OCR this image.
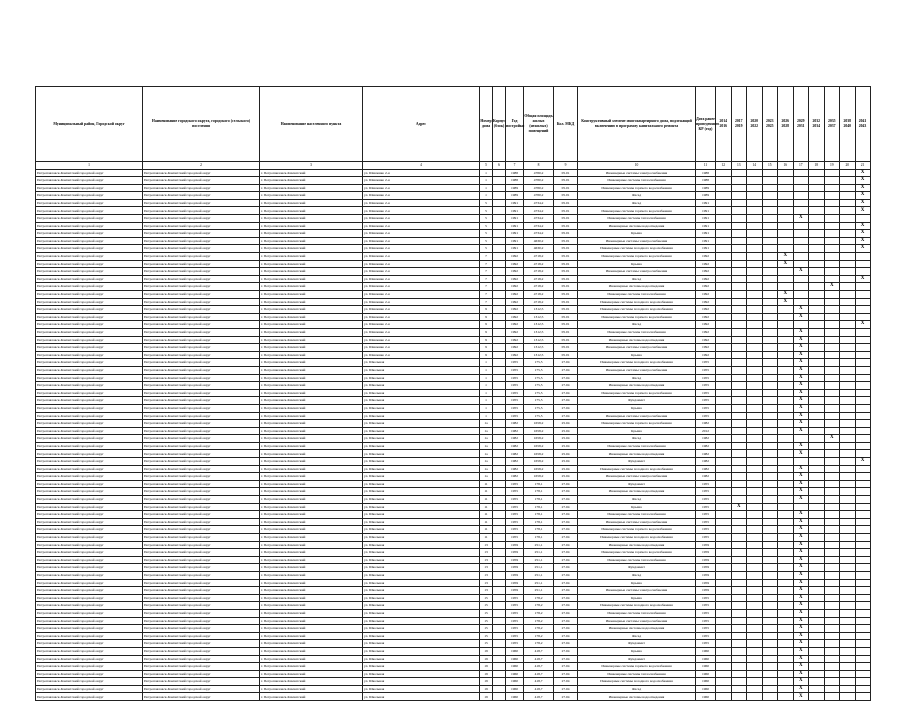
Муниципальный район, Городской округ	Наименование городского округа, городского (сельского) поселения	Наименование населенного пункта	Адрес	Номер дома	Корпус (блок)	Год постройки	Общая площадь жилых (нежилых) помещений	Кол. МКД	Конструктивный элемент многоквартирного дома, подлежащий включению в программу капитального ремонта	Дата ранее проведенного КР (год)	2014 2016	2017 2019	2020 2022	2023 2025	2026 2028	2029 2031	2032 2034	2035 2037	2038 2040	2041 2043
1	2	3	4	5	6	7	8	9	10	11	12	13	14	15	16	17	18	19	20	21
Петропавловск-Камчатский городской округ	Петропавловск-Камчатский городской округ	г. Петропавловск-Камчатский	ул. Шевченко 2-я	1		1988	4780,2	05.01	Инженерные системы электроснабжения	1988										X
Петропавловск-Камчатский городской округ	Петропавловск-Камчатский городской округ	г. Петропавловск-Камчатский	ул. Шевченко 2-я	1		1988	4780,2	05.01	Инженерные системы теплоснабжения	1988										X
Петропавловск-Камчатский городской округ	Петропавловск-Камчатский городской округ	г. Петропавловск-Камчатский	ул. Шевченко 2-я	1		1989	4780,2	05.01	Инженерные системы горячего водоснабжения	1989										X
Петропавловск-Камчатский городской округ	Петропавловск-Камчатский городской округ	г. Петропавловск-Камчатский	ул. Шевченко 2-я	1		1989	4780,2	05.01	Фасад	1989										X
Петропавловск-Камчатский городской округ	Петропавловск-Камчатский городской округ	г. Петропавловск-Камчатский	ул. Шевченко 2-я	5		1991	4734,2	05.01	Фасад	1991										X
Петропавловск-Камчатский городской округ	Петропавловск-Камчатский городской округ	г. Петропавловск-Камчатский	ул. Шевченко 2-я	5		1991	4734,2	05.01	Инженерные системы горячего водоснабжения	1991										X
Петропавловск-Камчатский городской округ	Петропавловск-Камчатский городской округ	г. Петропавловск-Камчатский	ул. Шевченко 2-я	5		1991	4734,2	05.01	Инженерные системы теплоснабжения	1991						X				
Петропавловск-Камчатский городской округ	Петропавловск-Камчатский городской округ	г. Петропавловск-Камчатский	ул. Шевченко 2-я	5		1991	4734,2	05.01	Инженерные системы водоотведения	1991										X
Петропавловск-Камчатский городской округ	Петропавловск-Камчатский городской округ	г. Петропавловск-Камчатский	ул. Шевченко 2-я	5		1991	4734,2	05.01	Крыша	1991										X
Петропавловск-Камчатский городской округ	Петропавловск-Камчатский городской округ	г. Петропавловск-Камчатский	ул. Шевченко 2-я	5		1991	4630,2	05.01	Инженерные системы электроснабжения	1991										X
Петропавловск-Камчатский городской округ	Петропавловск-Камчатский городской округ	г. Петропавловск-Камчатский	ул. Шевченко 2-я	5		1991	4630,2	05.01	Инженерные системы холодного водоснабжения	1991										X
Петропавловск-Камчатский городской округ	Петропавловск-Камчатский городской округ	г. Петропавловск-Камчатский	ул. Шевченко 2-я	7		1992	4718,2	05.01	Инженерные системы горячего водоснабжения	1992					X					
Петропавловск-Камчатский городской округ	Петропавловск-Камчатский городской округ	г. Петропавловск-Камчатский	ул. Шевченко 2-я	7		1992	4718,2	05.01	Крыша	1992					X					
Петропавловск-Камчатский городской округ	Петропавловск-Камчатский городской округ	г. Петропавловск-Камчатский	ул. Шевченко 2-я	7		1992	4718,2	05.01	Инженерные системы электроснабжения	1992						X				
Петропавловск-Камчатский городской округ	Петропавловск-Камчатский городской округ	г. Петропавловск-Камчатский	ул. Шевченко 2-я	7		1992	4718,2	05.01	Фасад	1992										X
Петропавловск-Камчатский городской округ	Петропавловск-Камчатский городской округ	г. Петропавловск-Камчатский	ул. Шевченко 2-я	7		1992	4718,2	05.01	Инженерные системы водоотведения	1992								X		
Петропавловск-Камчатский городской округ	Петропавловск-Камчатский городской округ	г. Петропавловск-Камчатский	ул. Шевченко 2-я	7		1992	4718,2	05.01	Инженерные системы теплоснабжения	1992					X					
Петропавловск-Камчатский городской округ	Петропавловск-Камчатский городской округ	г. Петропавловск-Камчатский	ул. Шевченко 2-я	7		1992	4718,2	05.01	Инженерные системы холодного водоснабжения	1992					X					
Петропавловск-Камчатский городской округ	Петропавловск-Камчатский городской округ	г. Петропавловск-Камчатский	ул. Шевченко 2-я	9		1992	1312,5	05.01	Инженерные системы холодного водоснабжения	1992						X				
Петропавловск-Камчатский городской округ	Петропавловск-Камчатский городской округ	г. Петропавловск-Камчатский	ул. Шевченко 2-я	9		1992	1312,5	05.01	Инженерные системы горячего водоснабжения	1992						X				
Петропавловск-Камчатский городской округ	Петропавловск-Камчатский городской округ	г. Петропавловск-Камчатский	ул. Шевченко 2-я	9		1992	1312,5	05.01	Фасад	1992										X
Петропавловск-Камчатский городской округ	Петропавловск-Камчатский городской округ	г. Петропавловск-Камчатский	ул. Шевченко 2-я	9		1992	1312,5	05.01	Инженерные системы теплоснабжения	1992						X				
Петропавловск-Камчатский городской округ	Петропавловск-Камчатский городской округ	г. Петропавловск-Камчатский	ул. Шевченко 2-я	9		1992	1312,5	05.01	Инженерные системы водоотведения	1992						X				
Петропавловск-Камчатский городской округ	Петропавловск-Камчатский городской округ	г. Петропавловск-Камчатский	ул. Шевченко 2-я	9		1992	1312,5	05.01	Инженерные системы электроснабжения	1992						X				
Петропавловск-Камчатский городской округ	Петропавловск-Камчатский городской округ	г. Петропавловск-Камчатский	ул. Шевченко 2-я	9		1992	1312,5	05.01	Крыша	1992						X				
Петропавловск-Камчатский городской округ	Петропавловск-Камчатский городской округ	г. Петропавловск-Камчатский	ул. Школьная	1		1955	175,5	27.04	Инженерные системы холодного водоснабжения	1955						X				
Петропавловск-Камчатский городской округ	Петропавловск-Камчатский городской округ	г. Петропавловск-Камчатский	ул. Школьная	1		1955	175,5	27.04	Инженерные системы электроснабжения	1955						X				
Петропавловск-Камчатский городской округ	Петропавловск-Камчатский городской округ	г. Петропавловск-Камчатский	ул. Школьная	1		1955	175,5	27.04	Фасад	1955						X				
Петропавловск-Камчатский городской округ	Петропавловск-Камчатский городской округ	г. Петропавловск-Камчатский	ул. Школьная	1		1955	175,5	27.04	Инженерные системы водоотведения	1955						X				
Петропавловск-Камчатский городской округ	Петропавловск-Камчатский городской округ	г. Петропавловск-Камчатский	ул. Школьная	1		1955	175,5	27.04	Инженерные системы горячего водоснабжения	1955						X				
Петропавловск-Камчатский городской округ	Петропавловск-Камчатский городской округ	г. Петропавловск-Камчатский	ул. Школьная	1		1955	175,5	27.04	Фундамент	1955						X				
Петропавловск-Камчатский городской округ	Петропавловск-Камчатский городской округ	г. Петропавловск-Камчатский	ул. Школьная	1		1955	175,5	27.04	Крыша	1955						X				
Петропавловск-Камчатский городской округ	Петропавловск-Камчатский городской округ	г. Петропавловск-Камчатский	ул. Школьная	1		1955	175,5	27.04	Инженерные системы электроснабжения	1955						X				
Петропавловск-Камчатский городской округ	Петропавловск-Камчатский городской округ	г. Петропавловск-Камчатский	ул. Школьная	1а		1982	1658,2	25.04	Инженерные системы горячего водоснабжения	1982						X				
Петропавловск-Камчатский городской округ	Петропавловск-Камчатский городской округ	г. Петропавловск-Камчатский	ул. Школьная	1а		1982	1658,2	25.04	Крыша	2012						X				
Петропавловск-Камчатский городской округ	Петропавловск-Камчатский городской округ	г. Петропавловск-Камчатский	ул. Школьная	1а		1982	1658,2	25.04	Фасад	1982								X		
Петропавловск-Камчатский городской округ	Петропавловск-Камчатский городской округ	г. Петропавловск-Камчатский	ул. Школьная	1а		1982	1658,2	25.04	Инженерные системы теплоснабжения	1982						X				
Петропавловск-Камчатский городской округ	Петропавловск-Камчатский городской округ	г. Петропавловск-Камчатский	ул. Школьная	1а		1982	1658,2	25.04	Инженерные системы водоотведения	1982						X				
Петропавловск-Камчатский городской округ	Петропавловск-Камчатский городской округ	г. Петропавловск-Камчатский	ул. Школьная	1а		1982	1658,2	25.04	Фундамент	1982										X
Петропавловск-Камчатский городской округ	Петропавловск-Камчатский городской округ	г. Петропавловск-Камчатский	ул. Школьная	1а		1982	1658,2	25.04	Инженерные системы холодного водоснабжения	1982						X				
Петропавловск-Камчатский городской округ	Петропавловск-Камчатский городской округ	г. Петропавловск-Камчатский	ул. Школьная	1а		1982	1658,2	25.04	Инженерные системы электроснабжения	1982						X				
Петропавловск-Камчатский городской округ	Петропавловск-Камчатский городской округ	г. Петропавловск-Камчатский	ул. Школьная	11		1955	178,1	27.04	Фундамент	1955						X				
Петропавловск-Камчатский городской округ	Петропавловск-Камчатский городской округ	г. Петропавловск-Камчатский	ул. Школьная	11		1955	178,1	27.04	Инженерные системы водоотведения	1955						X				
Петропавловск-Камчатский городской округ	Петропавловск-Камчатский городской округ	г. Петропавловск-Камчатский	ул. Школьная	11		1955	178,1	27.04	Фасад	1955						X				
Петропавловск-Камчатский городской округ	Петропавловск-Камчатский городской округ	г. Петропавловск-Камчатский	ул. Школьная	11		1955	178,1	27.04	Крыша	1955		X								
Петропавловск-Камчатский городской округ	Петропавловск-Камчатский городской округ	г. Петропавловск-Камчатский	ул. Школьная	11		1955	178,1	27.04	Инженерные системы теплоснабжения	1955						X				
Петропавловск-Камчатский городской округ	Петропавловск-Камчатский городской округ	г. Петропавловск-Камчатский	ул. Школьная	11		1955	178,1	27.04	Инженерные системы электроснабжения	1955						X				
Петропавловск-Камчатский городской округ	Петропавловск-Камчатский городской округ	г. Петропавловск-Камчатский	ул. Школьная	11		1955	178,1	27.04	Инженерные системы горячего водоснабжения	1955						X				
Петропавловск-Камчатский городской округ	Петропавловск-Камчатский городской округ	г. Петропавловск-Камчатский	ул. Школьная	11		1955	178,1	27.04	Инженерные системы холодного водоснабжения	1955						X				
Петропавловск-Камчатский городской округ	Петропавловск-Камчатский городской округ	г. Петропавловск-Камчатский	ул. Школьная	13		1959	251,1	27.04	Инженерные системы водоотведения	1959						X				
Петропавловск-Камчатский городской округ	Петропавловск-Камчатский городской округ	г. Петропавловск-Камчатский	ул. Школьная	13		1959	251,1	27.04	Инженерные системы горячего водоснабжения	1959						X				
Петропавловск-Камчатский городской округ	Петропавловск-Камчатский городской округ	г. Петропавловск-Камчатский	ул. Школьная	13		1959	251,1	27.04	Инженерные системы теплоснабжения	1959						X				
Петропавловск-Камчатский городской округ	Петропавловск-Камчатский городской округ	г. Петропавловск-Камчатский	ул. Школьная	13		1959	251,1	27.04	Фундамент	1959						X				
Петропавловск-Камчатский городской округ	Петропавловск-Камчатский городской округ	г. Петропавловск-Камчатский	ул. Школьная	13		1959	251,1	27.04	Фасад	1959						X				
Петропавловск-Камчатский городской округ	Петропавловск-Камчатский городской округ	г. Петропавловск-Камчатский	ул. Школьная	13		1959	251,1	27.04	Крыша	1959						X				
Петропавловск-Камчатский городской округ	Петропавловск-Камчатский городской округ	г. Петропавловск-Камчатский	ул. Школьная	13		1959	251,1	27.04	Инженерные системы электроснабжения	1959						X				
Петропавловск-Камчатский городской округ	Петропавловск-Камчатский городской округ	г. Петропавловск-Камчатский	ул. Школьная	15		1955	178,2	27.04	Крыша	1955						X				
Петропавловск-Камчатский городской округ	Петропавловск-Камчатский городской округ	г. Петропавловск-Камчатский	ул. Школьная	15		1955	178,2	27.04	Инженерные системы холодного водоснабжения	1955						X				
Петропавловск-Камчатский городской округ	Петропавловск-Камчатский городской округ	г. Петропавловск-Камчатский	ул. Школьная	15		1955	178,2	27.04	Инженерные системы теплоснабжения	1955						X				
Петропавловск-Камчатский городской округ	Петропавловск-Камчатский городской округ	г. Петропавловск-Камчатский	ул. Школьная	15		1955	178,2	27.04	Инженерные системы электроснабжения	1955						X				
Петропавловск-Камчатский городской округ	Петропавловск-Камчатский городской округ	г. Петропавловск-Камчатский	ул. Школьная	15		1955	178,2	27.04	Инженерные системы водоотведения	1955						X				
Петропавловск-Камчатский городской округ	Петропавловск-Камчатский городской округ	г. Петропавловск-Камчатский	ул. Школьная	15		1955	178,2	27.04	Фасад	1955						X				
Петропавловск-Камчатский городской округ	Петропавловск-Камчатский городской округ	г. Петропавловск-Камчатский	ул. Школьная	15		1955	178,2	27.04	Фундамент	1955						X				
Петропавловск-Камчатский городской округ	Петропавловск-Камчатский городской округ	г. Петропавловск-Камчатский	ул. Школьная	19		1960	418,7	27.04	Крыша	1960						X				
Петропавловск-Камчатский городской округ	Петропавловск-Камчатский городской округ	г. Петропавловск-Камчатский	ул. Школьная	19		1960	418,7	27.04	Фундамент	1960						X				
Петропавловск-Камчатский городской округ	Петропавловск-Камчатский городской округ	г. Петропавловск-Камчатский	ул. Школьная	19		1960	418,7	27.04	Инженерные системы горячего водоснабжения	1960						X				
Петропавловск-Камчатский городской округ	Петропавловск-Камчатский городской округ	г. Петропавловск-Камчатский	ул. Школьная	19		1960	418,7	27.04	Инженерные системы теплоснабжения	1960						X				
Петропавловск-Камчатский городской округ	Петропавловск-Камчатский городской округ	г. Петропавловск-Камчатский	ул. Школьная	19		1960	418,7	27.04	Инженерные системы холодного водоснабжения	1960						X				
Петропавловск-Камчатский городской округ	Петропавловск-Камчатский городской округ	г. Петропавловск-Камчатский	ул. Школьная	19		1960	418,7	27.04	Фасад	1960						X				
Петропавловск-Камчатский городской округ	Петропавловск-Камчатский городской округ	г. Петропавловск-Камчатский	ул. Школьная	19		1960	418,7	27.04	Инженерные системы водоотведения	1960						X				
